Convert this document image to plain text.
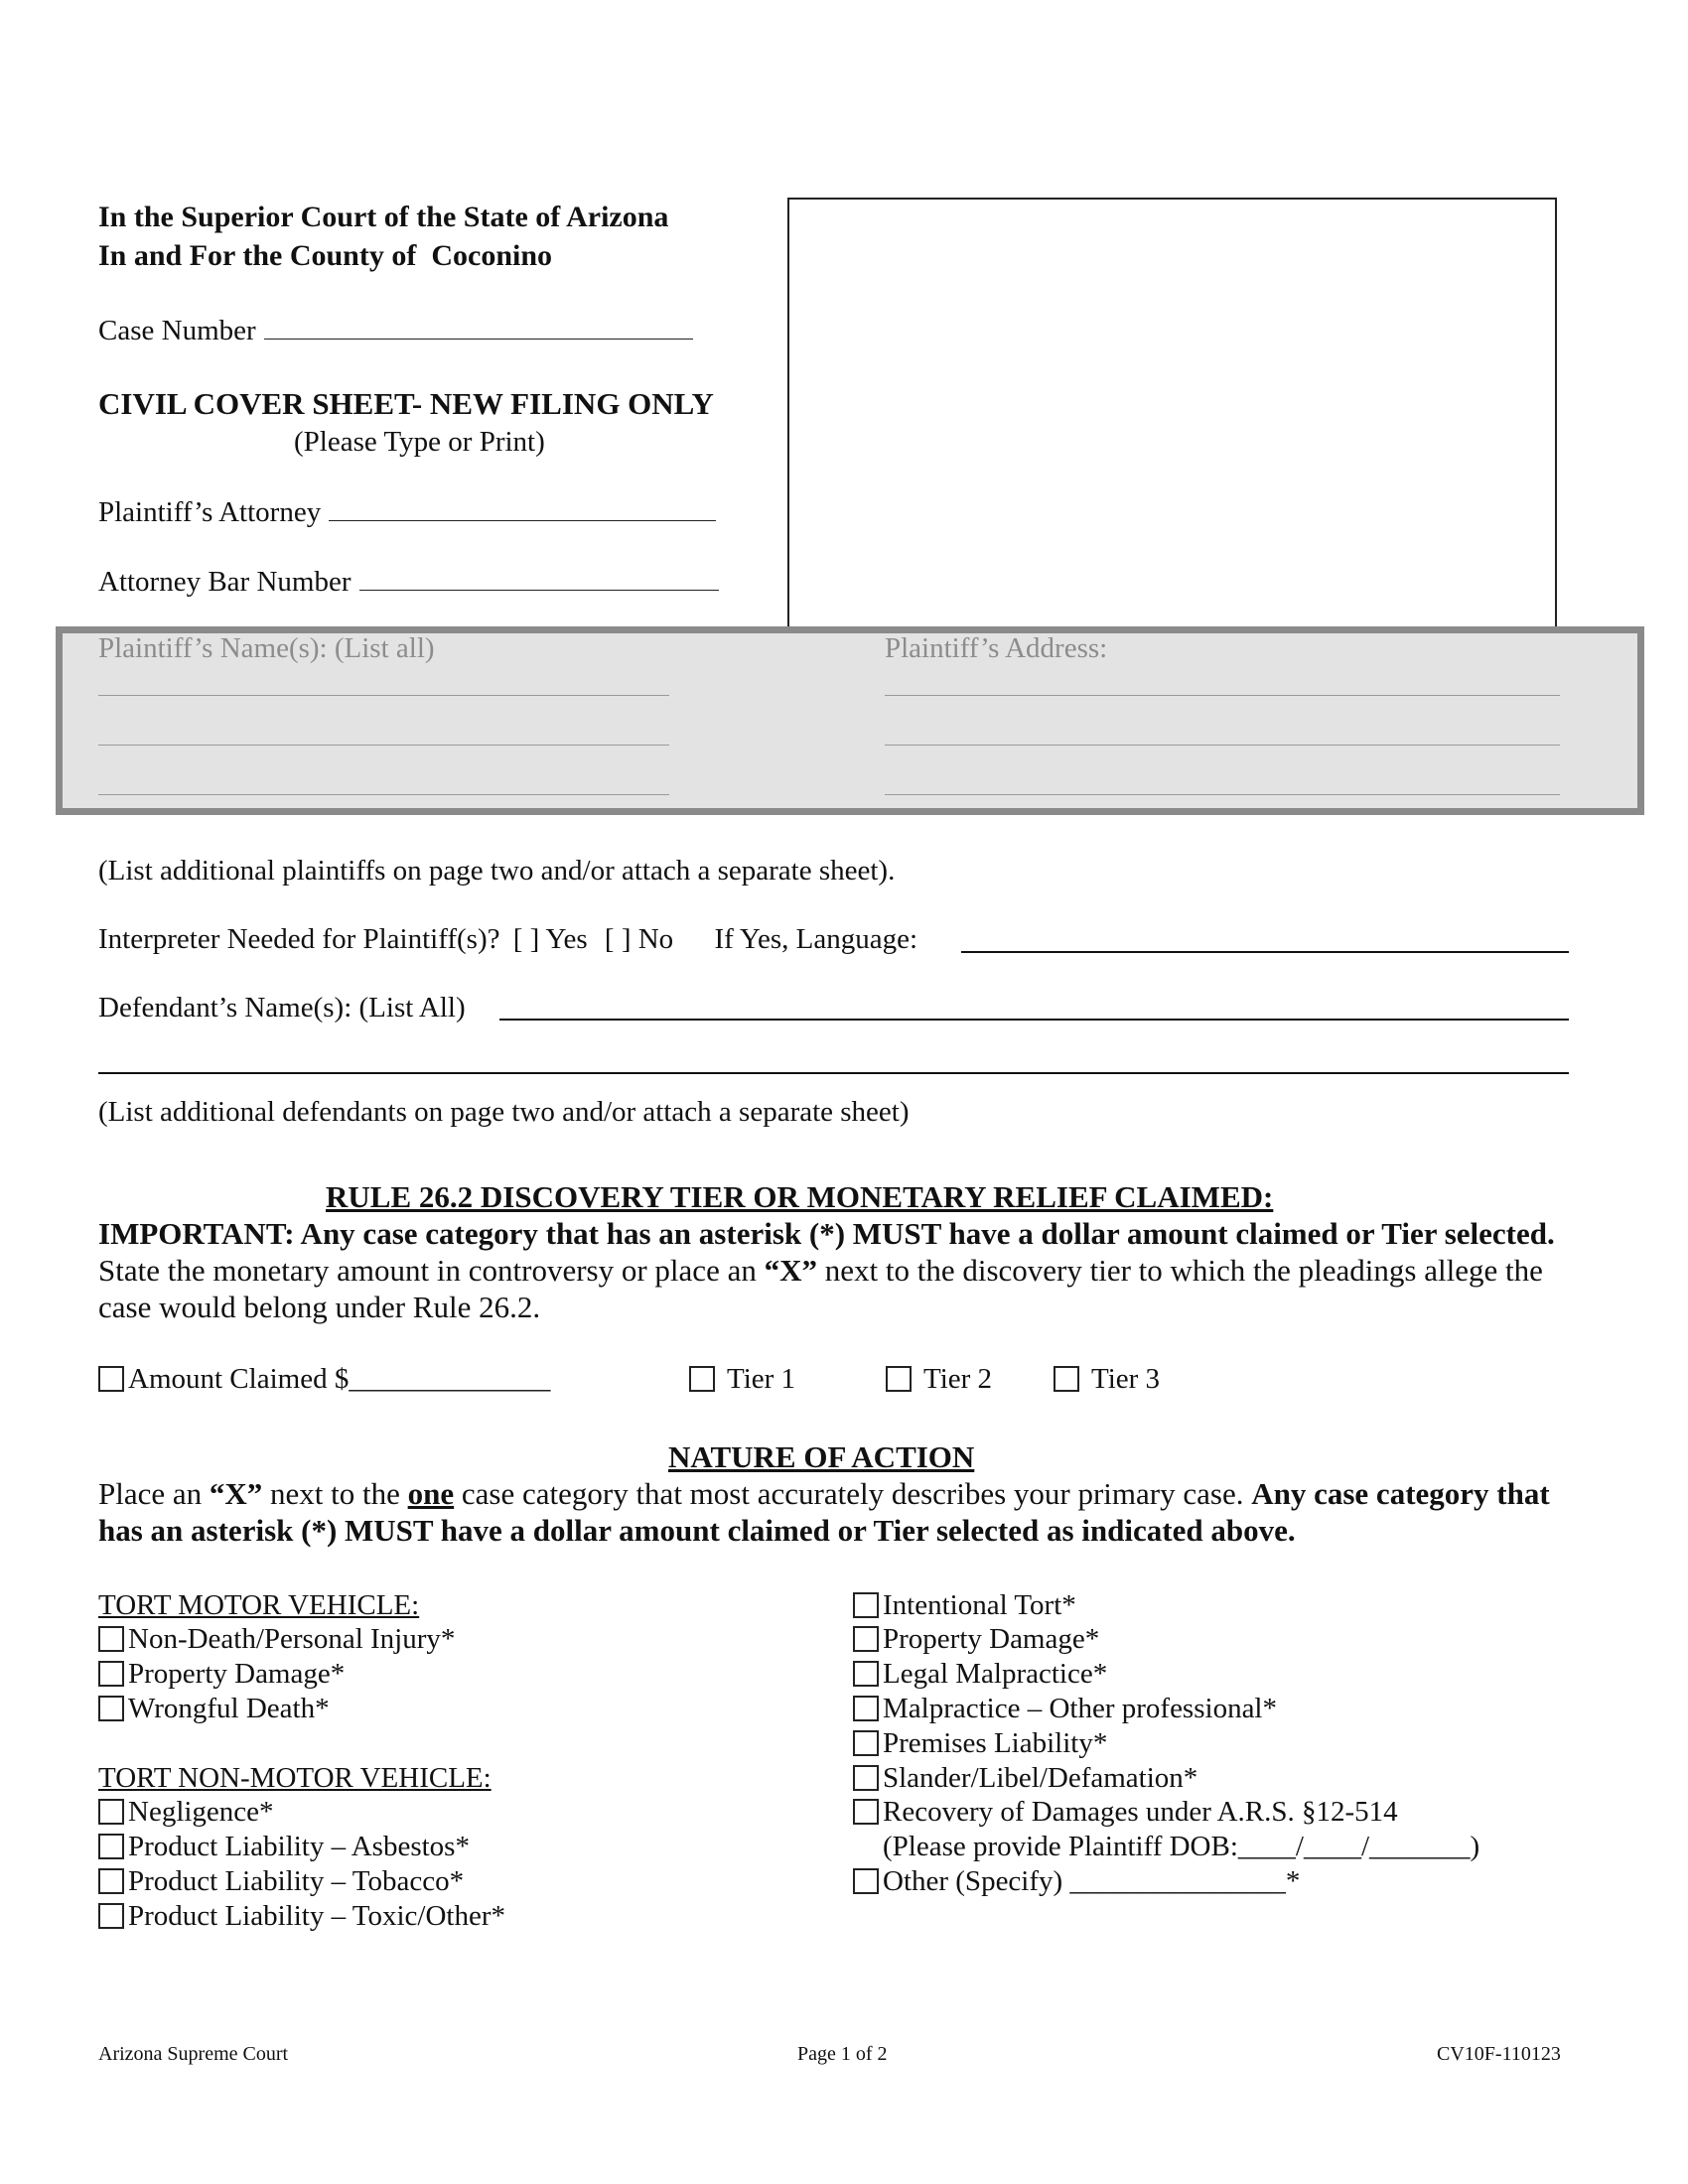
In the Superior Court of the State of Arizona
In and For the County of Coconino
Case Number
CIVIL COVER SHEET- NEW FILING ONLY
(Please Type or Print)
Plaintiff’s Attorney
Attorney Bar Number
Plaintiff’s Name(s): (List all)	Plaintiff’s Address:
(List additional plaintiffs on page two and/or attach a separate sheet).
Interpreter Needed for Plaintiff(s)? [ ] Yes [ ] No If Yes, Language:
Defendant’s Name(s): (List All)
(List additional defendants on page two and/or attach a separate sheet)
RULE 26.2 DISCOVERY TIER OR MONETARY RELIEF CLAIMED:
IMPORTANT: Any case category that has an asterisk (*) MUST have a dollar amount claimed or Tier selected. State the monetary amount in controversy or place an “X” next to the discovery tier to which the pleadings allege the case would belong under Rule 26.2.
Amount Claimed $______________	Tier 1	Tier 2	Tier 3
NATURE OF ACTION
Place an “X” next to the one case category that most accurately describes your primary case. Any case category that has an asterisk (*) MUST have a dollar amount claimed or Tier selected as indicated above.
TORT MOTOR VEHICLE:
Non-Death/Personal Injury*
Property Damage*
Wrongful Death*
TORT NON-MOTOR VEHICLE:
Negligence*
Product Liability – Asbestos*
Product Liability – Tobacco*
Product Liability – Toxic/Other*
Intentional Tort*
Property Damage*
Legal Malpractice*
Malpractice – Other professional*
Premises Liability*
Slander/Libel/Defamation*
Recovery of Damages under A.R.S. §12-514
(Please provide Plaintiff DOB:____/____/_______)
Other (Specify) _______________*
Arizona Supreme Court	Page 1 of 2	CV10F-110123
